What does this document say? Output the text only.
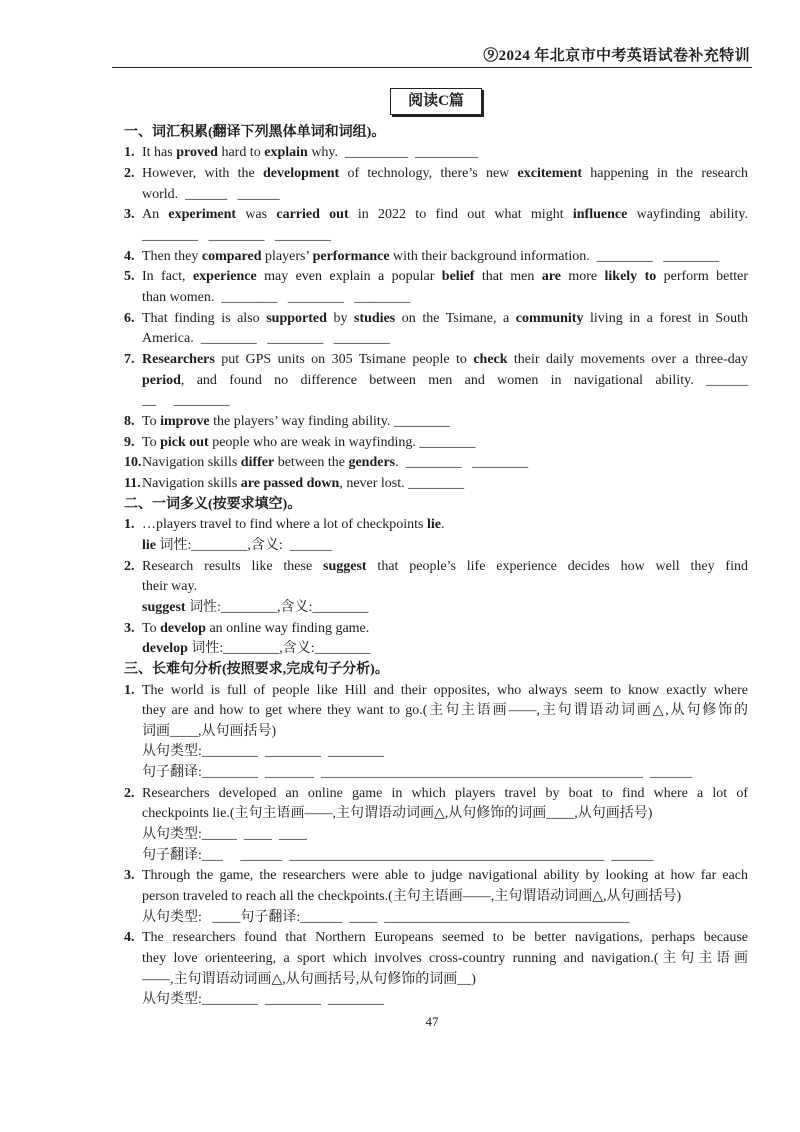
⑨2024 年北京市中考英语试卷补充特训
阅读C篇
一、词汇积累(翻译下列黑体单词和词组)。
1. It has proved hard to explain why.  _________ _________
2. However, with the development of technology, there’s new excitement happening in the research
world.  ______ ______
3. An experiment was carried out in 2022 to find out what might influence wayfinding ability.
________ ________ ________
4. Then they compared players’ performance with their background information.  ________ ________
5. In fact, experience may even explain a popular belief that men are more likely to perform better
than women.  ________ ________ ________
6. That finding is also supported by studies on the Tsimane, a community living in a forest in South
America.  ________ ________ ________
7. Researchers put GPS units on 305 Tsimane people to check their daily movements over a three-day
period, and found no difference between men and women in navigational ability. ______
__ ________
8. To improve the players’ way finding ability. ________
9. To pick out people who are weak in wayfinding. ________
10. Navigation skills differ between the genders.  ________ ________
11. Navigation skills are passed down, never lost. ________
二、一词多义(按要求填空)。
1. …players travel to find where a lot of checkpoints lie.
lie 词性:________,含义: ______
2. Research results like these suggest that people’s life experience decides how well they find
their way.
suggest 词性:________,含义:________
3. To develop an online way finding game.
develop 词性:________,含义:________
三、长难句分析(按照要求,完成句子分析)。
1. The world is full of people like Hill and their opposites, who always seem to know exactly where
they are and how to get where they want to go.(主句主语画——,主句谓语动词画△,从句修饰的
词画____,从句画括号)
从句类型:________ ________ ________
句子翻译:________ _______ ______________________________________________ ______
2. Researchers developed an online game in which players travel by boat to find where a lot of
checkpoints lie.(主句主语画——,主句谓语动词画△,从句修饰的词画____,从句画括号)
从句类型:_____ ____ ____
句子翻译:___ ______ _____________________________________________ ______
3. Through the game, the researchers were able to judge navigational ability by looking at how far each
person traveled to reach all the checkpoints.(主句主语画——,主句谓语动词画△,从句画括号)
从句类型: ____句子翻译:______ ____ ___________________________________
4. The researchers found that Northern Europeans seemed to be better navigations, perhaps because
they love orienteering, a sport which involves cross-country running and navigation.(主句主语画
——,主句谓语动词画△,从句画括号,从句修饰的词画__)
从句类型:________ ________ ________
47
